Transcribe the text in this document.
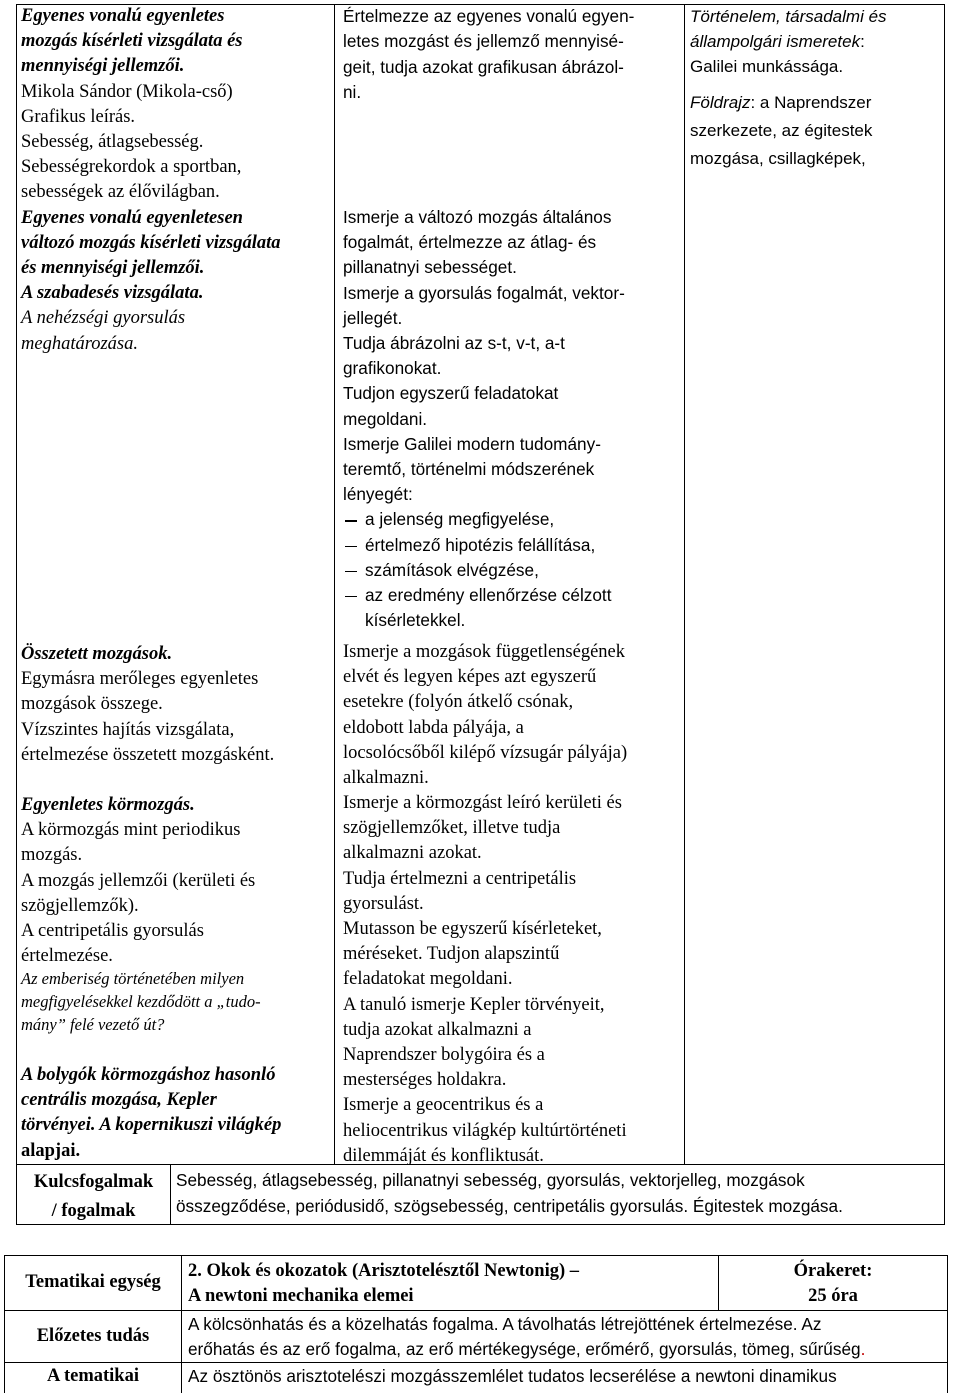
Egyenes vonalú egyenletes
mozgás kísérleti vizsgálata és
mennyiségi jellemzői.
Mikola Sándor (Mikola-cső)
Grafikus leírás.
Sebesség, átlagsebesség.
Sebességrekordok a sportban,
sebességek az élővilágban.
Egyenes vonalú egyenletesen
változó mozgás kísérleti vizsgálata
és mennyiségi jellemzői.
A szabadesés vizsgálata.
A nehézségi gyorsulás
meghatározása.
Összetett mozgások.
Egymásra merőleges egyenletes
mozgások összege.
Vízszintes hajítás vizsgálata,
értelmezése összetett mozgásként.
Egyenletes körmozgás.
A körmozgás mint periodikus
mozgás.
A mozgás jellemzői (kerületi és
szögjellemzők).
A centripetális gyorsulás
értelmezése.
Az emberiség történetében milyen
megfigyelésekkel kezdődött a „tudo-
mány” felé vezető út?
A bolygók körmozgáshoz hasonló
centrális mozgása, Kepler
törvényei. A kopernikuszi világkép
alapjai.
Értelmezze az egyenes vonalú egyen-
letes mozgást és jellemző mennyisé-
geit, tudja azokat grafikusan ábrázol-
ni.
Ismerje a változó mozgás általános
fogalmát, értelmezze az átlag- és
pillanatnyi sebességet.
Ismerje a gyorsulás fogalmát, vektor-
jellegét.
Tudja ábrázolni az s-t, v-t, a-t
grafikonokat.
Tudjon egyszerű feladatokat
megoldani.
Ismerje Galilei modern tudomány-
teremtő, történelmi módszerének
lényegét:
a jelenség megfigyelése,
értelmező hipotézis felállítása,
számítások elvégzése,
az eredmény ellenőrzése célzott
kísérletekkel.
Ismerje a mozgások függetlenségének
elvét és legyen képes azt egyszerű
esetekre (folyón átkelő csónak,
eldobott labda pályája, a
locsolócsőből kilépő vízsugár pályája)
alkalmazni.
Ismerje a körmozgást leíró kerületi és
szögjellemzőket, illetve tudja
alkalmazni azokat.
Tudja értelmezni a centripetális
gyorsulást.
Mutasson be egyszerű kísérleteket,
méréseket. Tudjon alapszintű
feladatokat megoldani.
A tanuló ismerje Kepler törvényeit,
tudja azokat alkalmazni a
Naprendszer bolygóira és a
mesterséges holdakra.
Ismerje a geocentrikus és a
heliocentrikus világkép kultúrtörténeti
dilemmáját és konfliktusát.
Történelem, társadalmi és
állampolgári ismeretek:
Galilei munkássága.
Földrajz: a Naprendszer
szerkezete, az égitestek
mozgása, csillagképek,
Kulcsfogalmak
/ fogalmak
Sebesség, átlagsebesség, pillanatnyi sebesség, gyorsulás, vektorjelleg, mozgások
összegződése, periódusidő, szögsebesség, centripetális gyorsulás. Égitestek mozgása.
Tematikai egység
2. Okok és okozatok (Arisztotelésztől Newtonig) –
A newtoni mechanika elemei
Órakeret:
25 óra
Előzetes tudás
A kölcsönhatás és a közelhatás fogalma. A távolhatás létrejöttének értelmezése. Az
erőhatás és az erő fogalma, az erő mértékegysége, erőmérő, gyorsulás, tömeg, sűrűség.
A tematikai	Az ösztönös arisztotelészi mozgásszemlélet tudatos lecserélése a newtoni dinamikus
